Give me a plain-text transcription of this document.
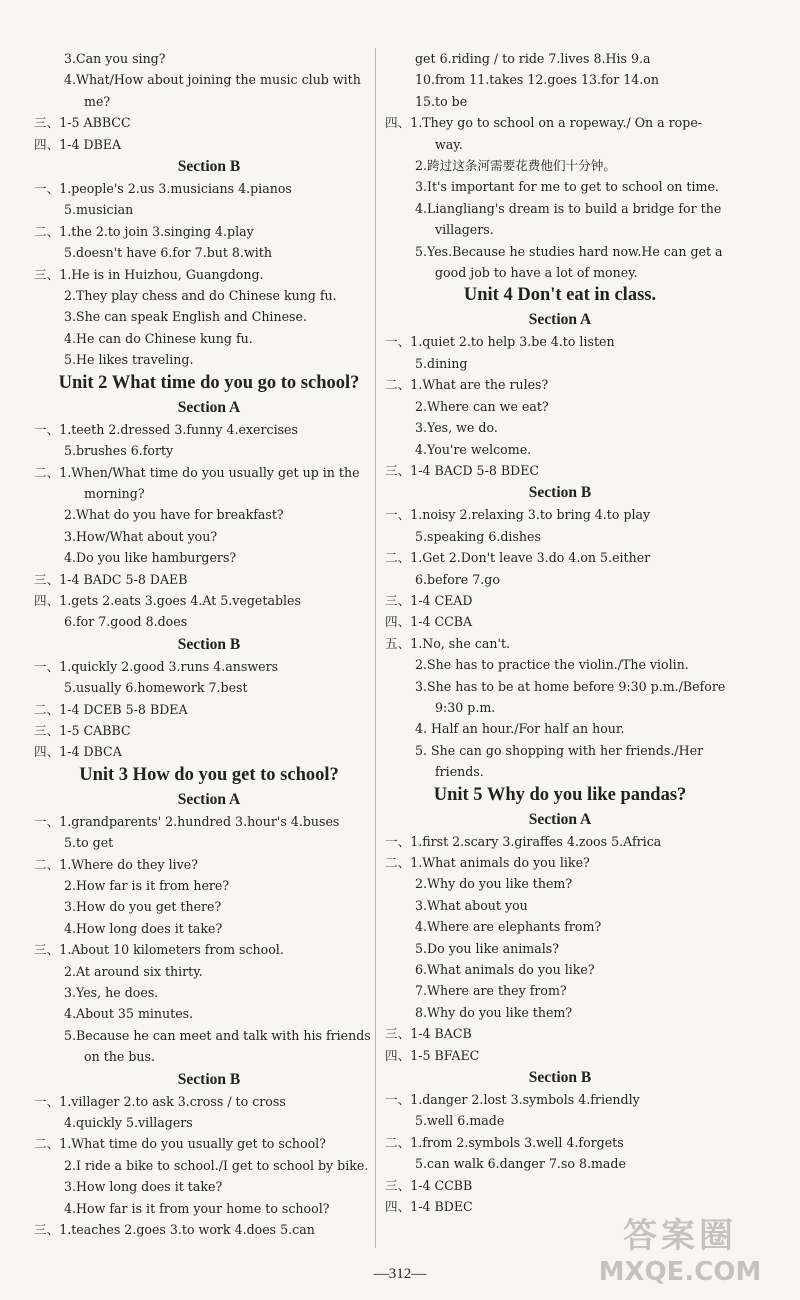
3.Can you sing?
4.What/How about joining the music club with
me?
三、1-5 ABBCC
四、1-4 DBEA
Section B
一、1.people's 2.us 3.musicians 4.pianos
5.musician
二、1.the 2.to join 3.singing 4.play
5.doesn't have 6.for 7.but 8.with
三、1.He is in Huizhou, Guangdong.
2.They play chess and do Chinese kung fu.
3.She can speak English and Chinese.
4.He can do Chinese kung fu.
5.He likes traveling.
Unit 2 What time do you go to school?
Section A
一、1.teeth 2.dressed 3.funny 4.exercises
5.brushes 6.forty
二、1.When/What time do you usually get up in the
morning?
2.What do you have for breakfast?
3.How/What about you?
4.Do you like hamburgers?
三、1-4 BADC 5-8 DAEB
四、1.gets 2.eats 3.goes 4.At 5.vegetables
6.for 7.good 8.does
Section B
一、1.quickly 2.good 3.runs 4.answers
5.usually 6.homework 7.best
二、1-4 DCEB 5-8 BDEA
三、1-5 CABBC
四、1-4 DBCA
Unit 3 How do you get to school?
Section A
一、1.grandparents' 2.hundred 3.hour's 4.buses
5.to get
二、1.Where do they live?
2.How far is it from here?
3.How do you get there?
4.How long does it take?
三、1.About 10 kilometers from school.
2.At around six thirty.
3.Yes, he does.
4.About 35 minutes.
5.Because he can meet and talk with his friends
on the bus.
Section B
一、1.villager 2.to ask 3.cross / to cross
4.quickly 5.villagers
二、1.What time do you usually get to school?
2.I ride a bike to school./I get to school by bike.
3.How long does it take?
4.How far is it from your home to school?
三、1.teaches 2.goes 3.to work 4.does 5.can
get 6.riding / to ride 7.lives 8.His 9.a
10.from 11.takes 12.goes 13.for 14.on
15.to be
四、1.They go to school on a ropeway./ On a rope-
way.
2.跨过这条河需要花费他们十分钟。
3.It's important for me to get to school on time.
4.Liangliang's dream is to build a bridge for the
villagers.
5.Yes.Because he studies hard now.He can get a
good job to have a lot of money.
Unit 4 Don't eat in class.
Section A
一、1.quiet 2.to help 3.be 4.to listen
5.dining
二、1.What are the rules?
2.Where can we eat?
3.Yes, we do.
4.You're welcome.
三、1-4 BACD 5-8 BDEC
Section B
一、1.noisy 2.relaxing 3.to bring 4.to play
5.speaking 6.dishes
二、1.Get 2.Don't leave 3.do 4.on 5.either
6.before 7.go
三、1-4 CEAD
四、1-4 CCBA
五、1.No, she can't.
2.She has to practice the violin./The violin.
3.She has to be at home before 9:30 p.m./Before
9:30 p.m.
4. Half an hour./For half an hour.
5. She can go shopping with her friends./Her
friends.
Unit 5 Why do you like pandas?
Section A
一、1.first 2.scary 3.giraffes 4.zoos 5.Africa
二、1.What animals do you like?
2.Why do you like them?
3.What about you
4.Where are elephants from?
5.Do you like animals?
6.What animals do you like?
7.Where are they from?
8.Why do you like them?
三、1-4 BACB
四、1-5 BFAEC
Section B
一、1.danger 2.lost 3.symbols 4.friendly
5.well 6.made
二、1.from 2.symbols 3.well 4.forgets
5.can walk 6.danger 7.so 8.made
三、1-4 CCBB
四、1-4 BDEC
—312—
答案圈
MXQE.COM
